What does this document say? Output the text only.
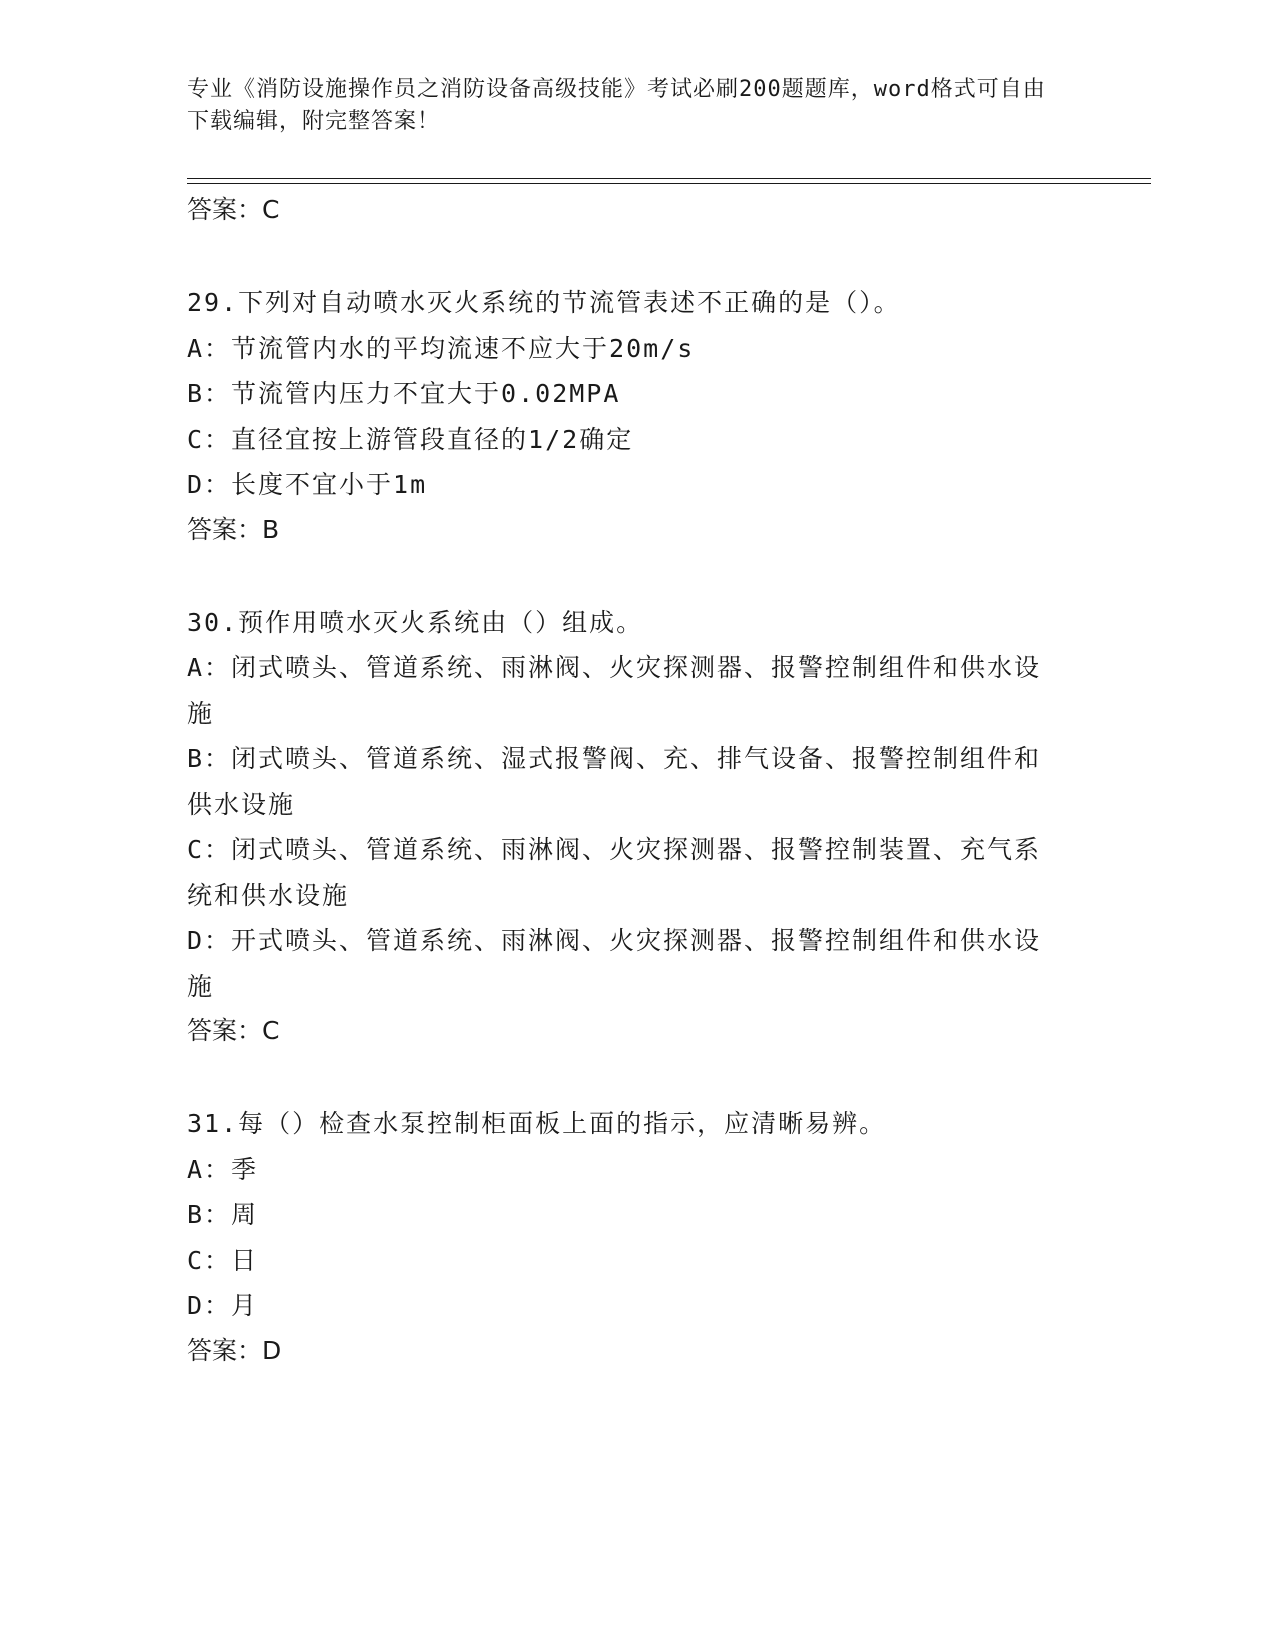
专业《消防设施操作员之消防设备高级技能》考试必刷200题题库，word格式可自由下载编辑，附完整答案！

答案：C

29.下列对自动喷水灭火系统的节流管表述不正确的是（）。

A：节流管内水的平均流速不应大于20m/s

B：节流管内压力不宜大于0.02MPA

C：直径宜按上游管段直径的1/2确定

D：长度不宜小于1m

答案：B

30.预作用喷水灭火系统由（）组成。

A：闭式喷头、管道系统、雨淋阀、火灾探测器、报警控制组件和供水设施

B：闭式喷头、管道系统、湿式报警阀、充、排气设备、报警控制组件和供水设施

C：闭式喷头、管道系统、雨淋阀、火灾探测器、报警控制装置、充气系统和供水设施

D：开式喷头、管道系统、雨淋阀、火灾探测器、报警控制组件和供水设施

答案：C

31.每（）检查水泵控制柜面板上面的指示，应清晰易辨。

A：季

B：周

C：日

D：月

答案：D
